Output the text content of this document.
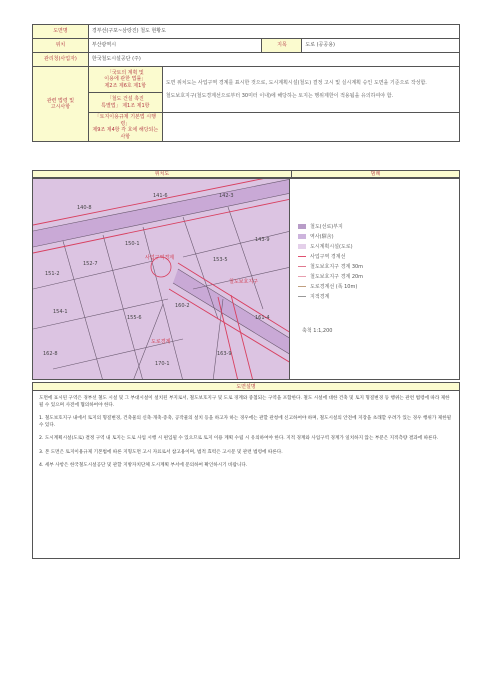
도면명	경부선(구포~삼랑진) 철도 현황도			
위치	부산광역시		지목	도로 (공공용)
관리청(사업자)	한국철도시설공단 (주)			

관련 법령 및
고시사항	「국토의 계획 및
이용에 관한 법률」
제2조 제6호 제1항	도면 위치도는 사업구역 경계를 표시한 것으로, 도시계획시설(철도) 결정 고시 및 실시계획 승인 도면을 기준으로 작성함.
철도보호지구(철도경계선으로부터 30미터 이내)에 해당하는 토지는 행위제한이 적용됨을 유의하여야 함.		

	「철도 건설 촉진
특별법」 제1조 제1항			

	「토지이용규제 기본법 시행령」
제9조 제4항 각 호에 해당되는 사항			

위치도	범례
140-8
141-6	142-3
143-9
150-1
151-2
152-7
153-5
154-1
155-6
160-2
161-4
162-8	163-9
170-1
사업구역경계
철도보호지구
도로경계
철도(선로)부지
역사(驛舍)
도시계획시설(도로)
사업구역 경계선
철도보호지구 경계 30m
철도보호지구 경계 20m
도로경계선 (폭 10m)
지적경계
축척 1:1,200
도면설명

도면에 표시된 구역은 경부선 철도 시설 및 그 부대시설이 설치된 부지로서, 철도보호지구 및 도로 경계와 중첩되는 구역을 포함한다. 철도 시설에 대한 건축 및 토지 형질변경 등 행위는 관련 법령에 따라 제한될 수 있으며 사전에 협의하여야 한다.

1. 철도보호지구 내에서 토지의 형질변경, 건축물의 신축·개축·증축, 공작물의 설치 등을 하고자 하는 경우에는 관할 관청에 신고하여야 하며, 철도시설의 안전에 지장을 초래할 우려가 있는 경우 행위가 제한될 수 있다.

2. 도시계획시설(도로) 결정 구역 내 토지는 도로 사업 시행 시 편입될 수 있으므로 토지 이용 계획 수립 시 유의하여야 한다. 지적 경계와 사업구역 경계가 일치하지 않는 부분은 지적측량 결과에 따른다.

3. 본 도면은 토지이용규제 기본법에 따른 지형도면 고시 자료로서 참고용이며, 법적 효력은 고시문 및 관련 법령에 따른다.

4. 세부 사항은 한국철도시설공단 및 관할 지방자치단체 도시계획 부서에 문의하여 확인하시기 바랍니다.
